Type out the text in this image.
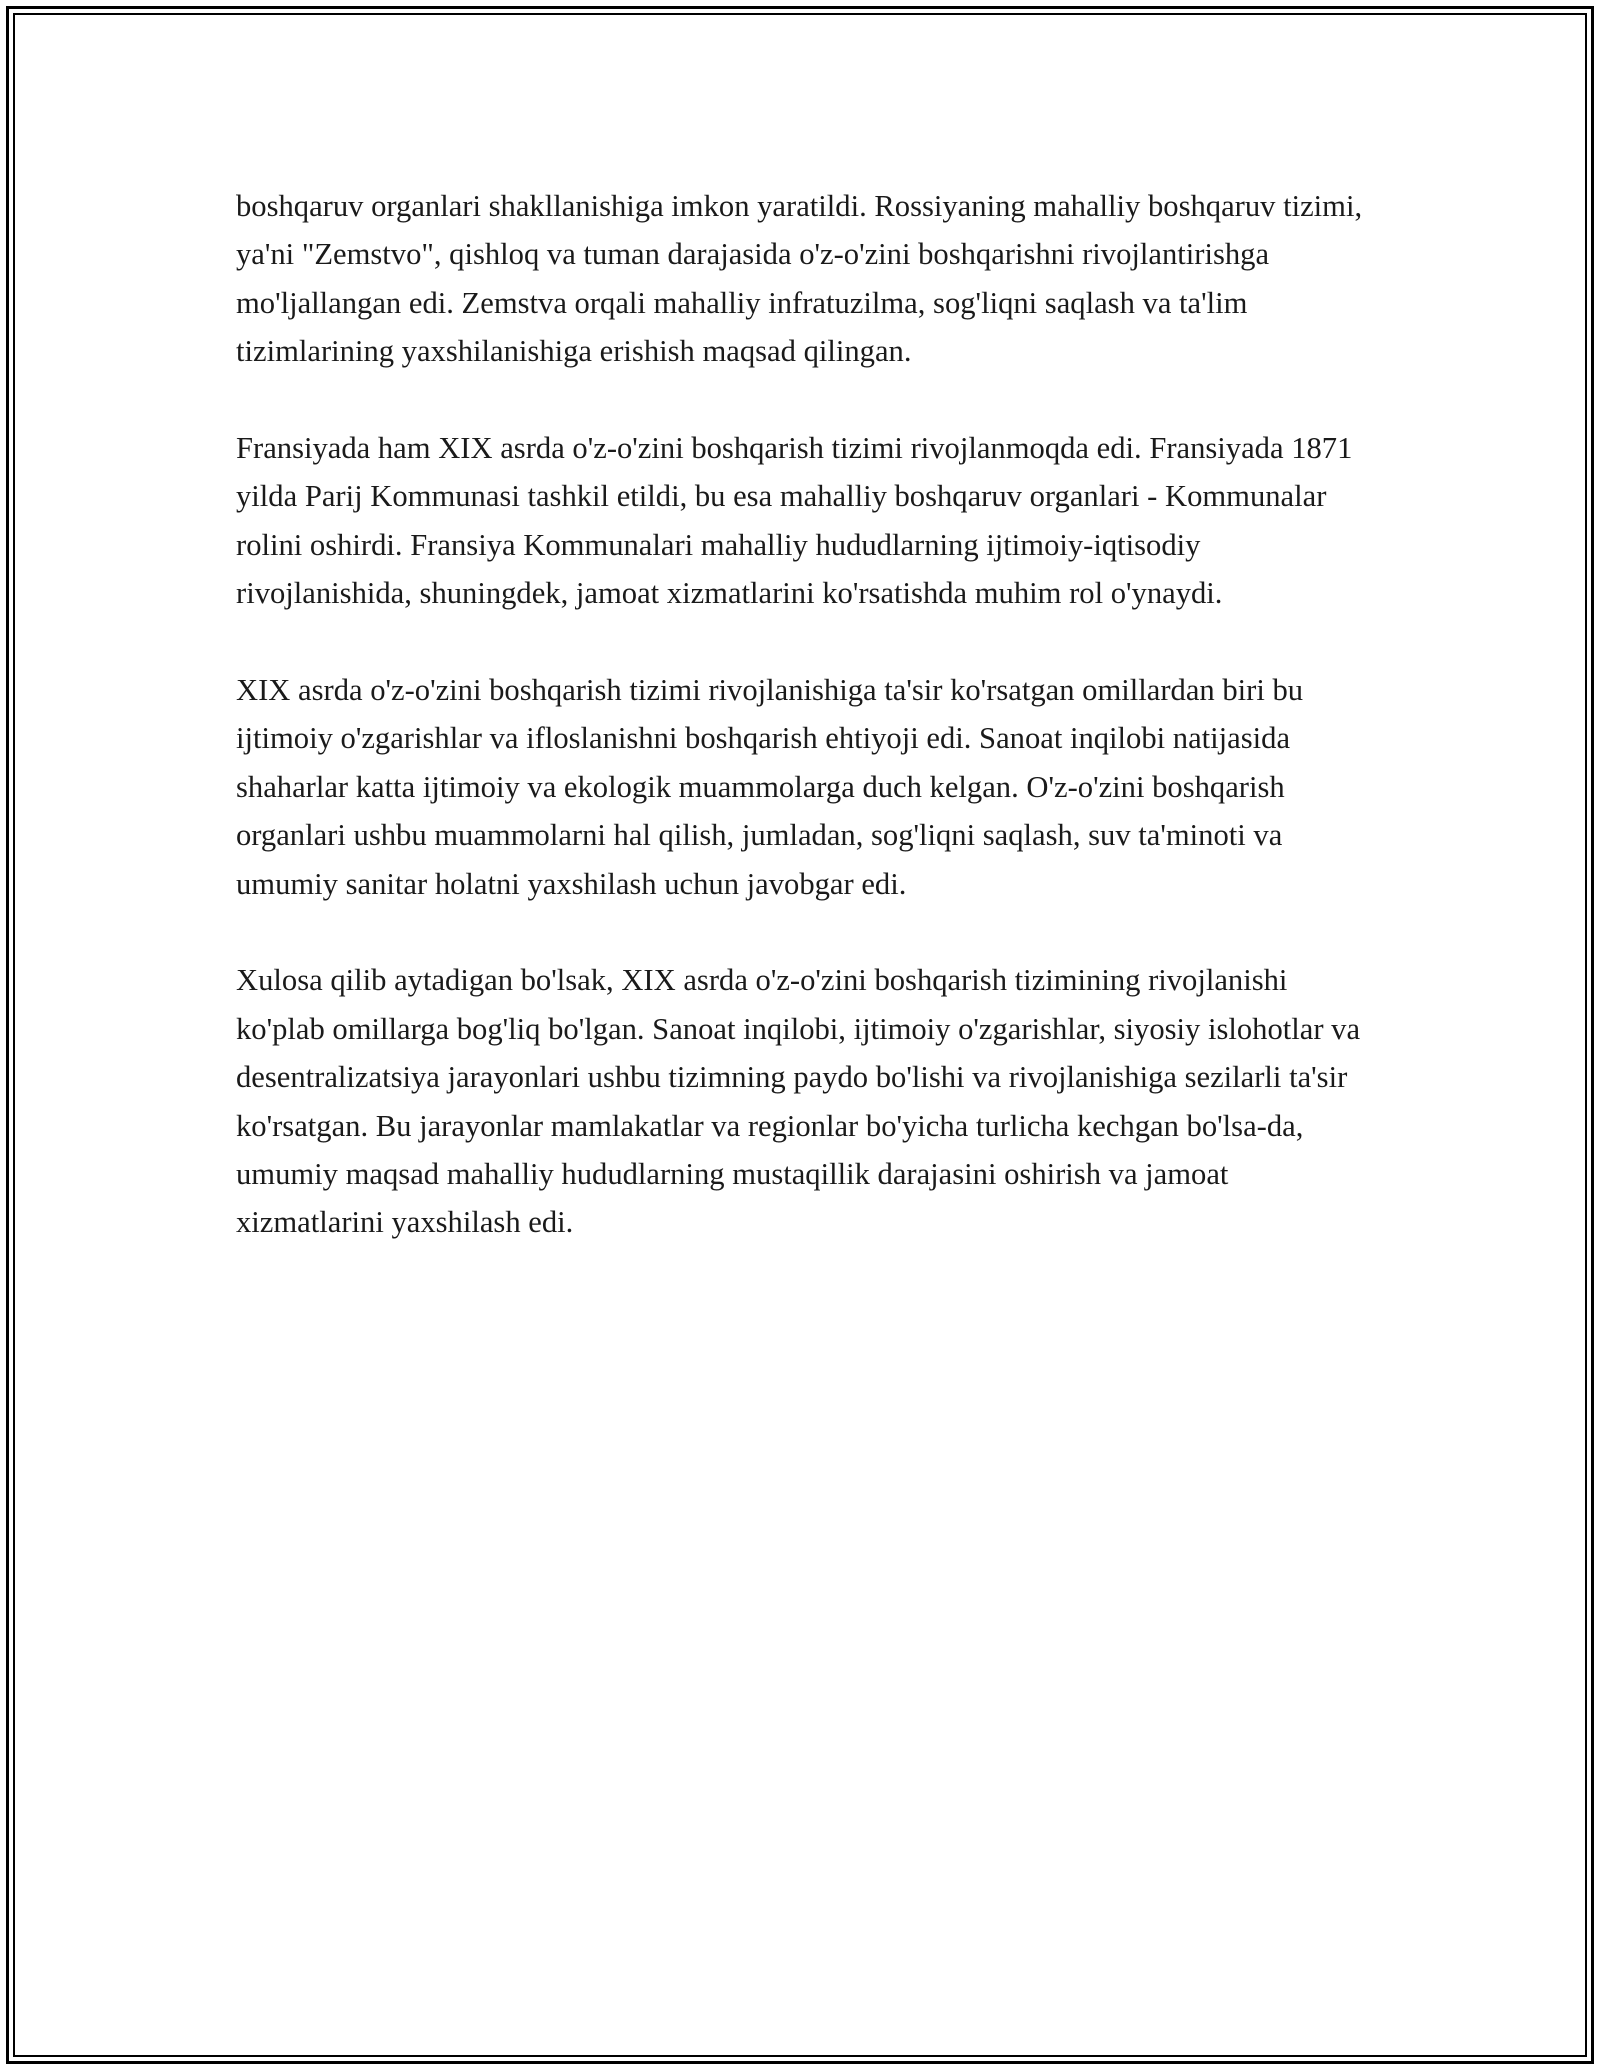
boshqaruv organlari shakllanishiga imkon yaratildi. Rossiyaning mahalliy boshqaruv tizimi, ya'ni "Zemstvo", qishloq va tuman darajasida o'z-o'zini boshqarishni rivojlantirishga mo'ljallangan edi. Zemstva orqali mahalliy infratuzilma, sog'liqni saqlash va ta'lim tizimlarining yaxshilanishiga erishish maqsad qilingan.

Fransiyada ham XIX asrda o'z-o'zini boshqarish tizimi rivojlanmoqda edi. Fransiyada 1871 yilda Parij Kommunasi tashkil etildi, bu esa mahalliy boshqaruv organlari - Kommunalar rolini oshirdi. Fransiya Kommunalari mahalliy hududlarning ijtimoiy-iqtisodiy rivojlanishida, shuningdek, jamoat xizmatlarini ko'rsatishda muhim rol o'ynaydi.

XIX asrda o'z-o'zini boshqarish tizimi rivojlanishiga ta'sir ko'rsatgan omillardan biri bu ijtimoiy o'zgarishlar va ifloslanishni boshqarish ehtiyoji edi. Sanoat inqilobi natijasida shaharlar katta ijtimoiy va ekologik muammolarga duch kelgan. O'z-o'zini boshqarish organlari ushbu muammolarni hal qilish, jumladan, sog'liqni saqlash, suv ta'minoti va umumiy sanitar holatni yaxshilash uchun javobgar edi.

Xulosa qilib aytadigan bo'lsak, XIX asrda o'z-o'zini boshqarish tizimining rivojlanishi ko'plab omillarga bog'liq bo'lgan. Sanoat inqilobi, ijtimoiy o'zgarishlar, siyosiy islohotlar va desentralizatsiya jarayonlari ushbu tizimning paydo bo'lishi va rivojlanishiga sezilarli ta'sir ko'rsatgan. Bu jarayonlar mamlakatlar va regionlar bo'yicha turlicha kechgan bo'lsa-da, umumiy maqsad mahalliy hududlarning mustaqillik darajasini oshirish va jamoat xizmatlarini yaxshilash edi.
